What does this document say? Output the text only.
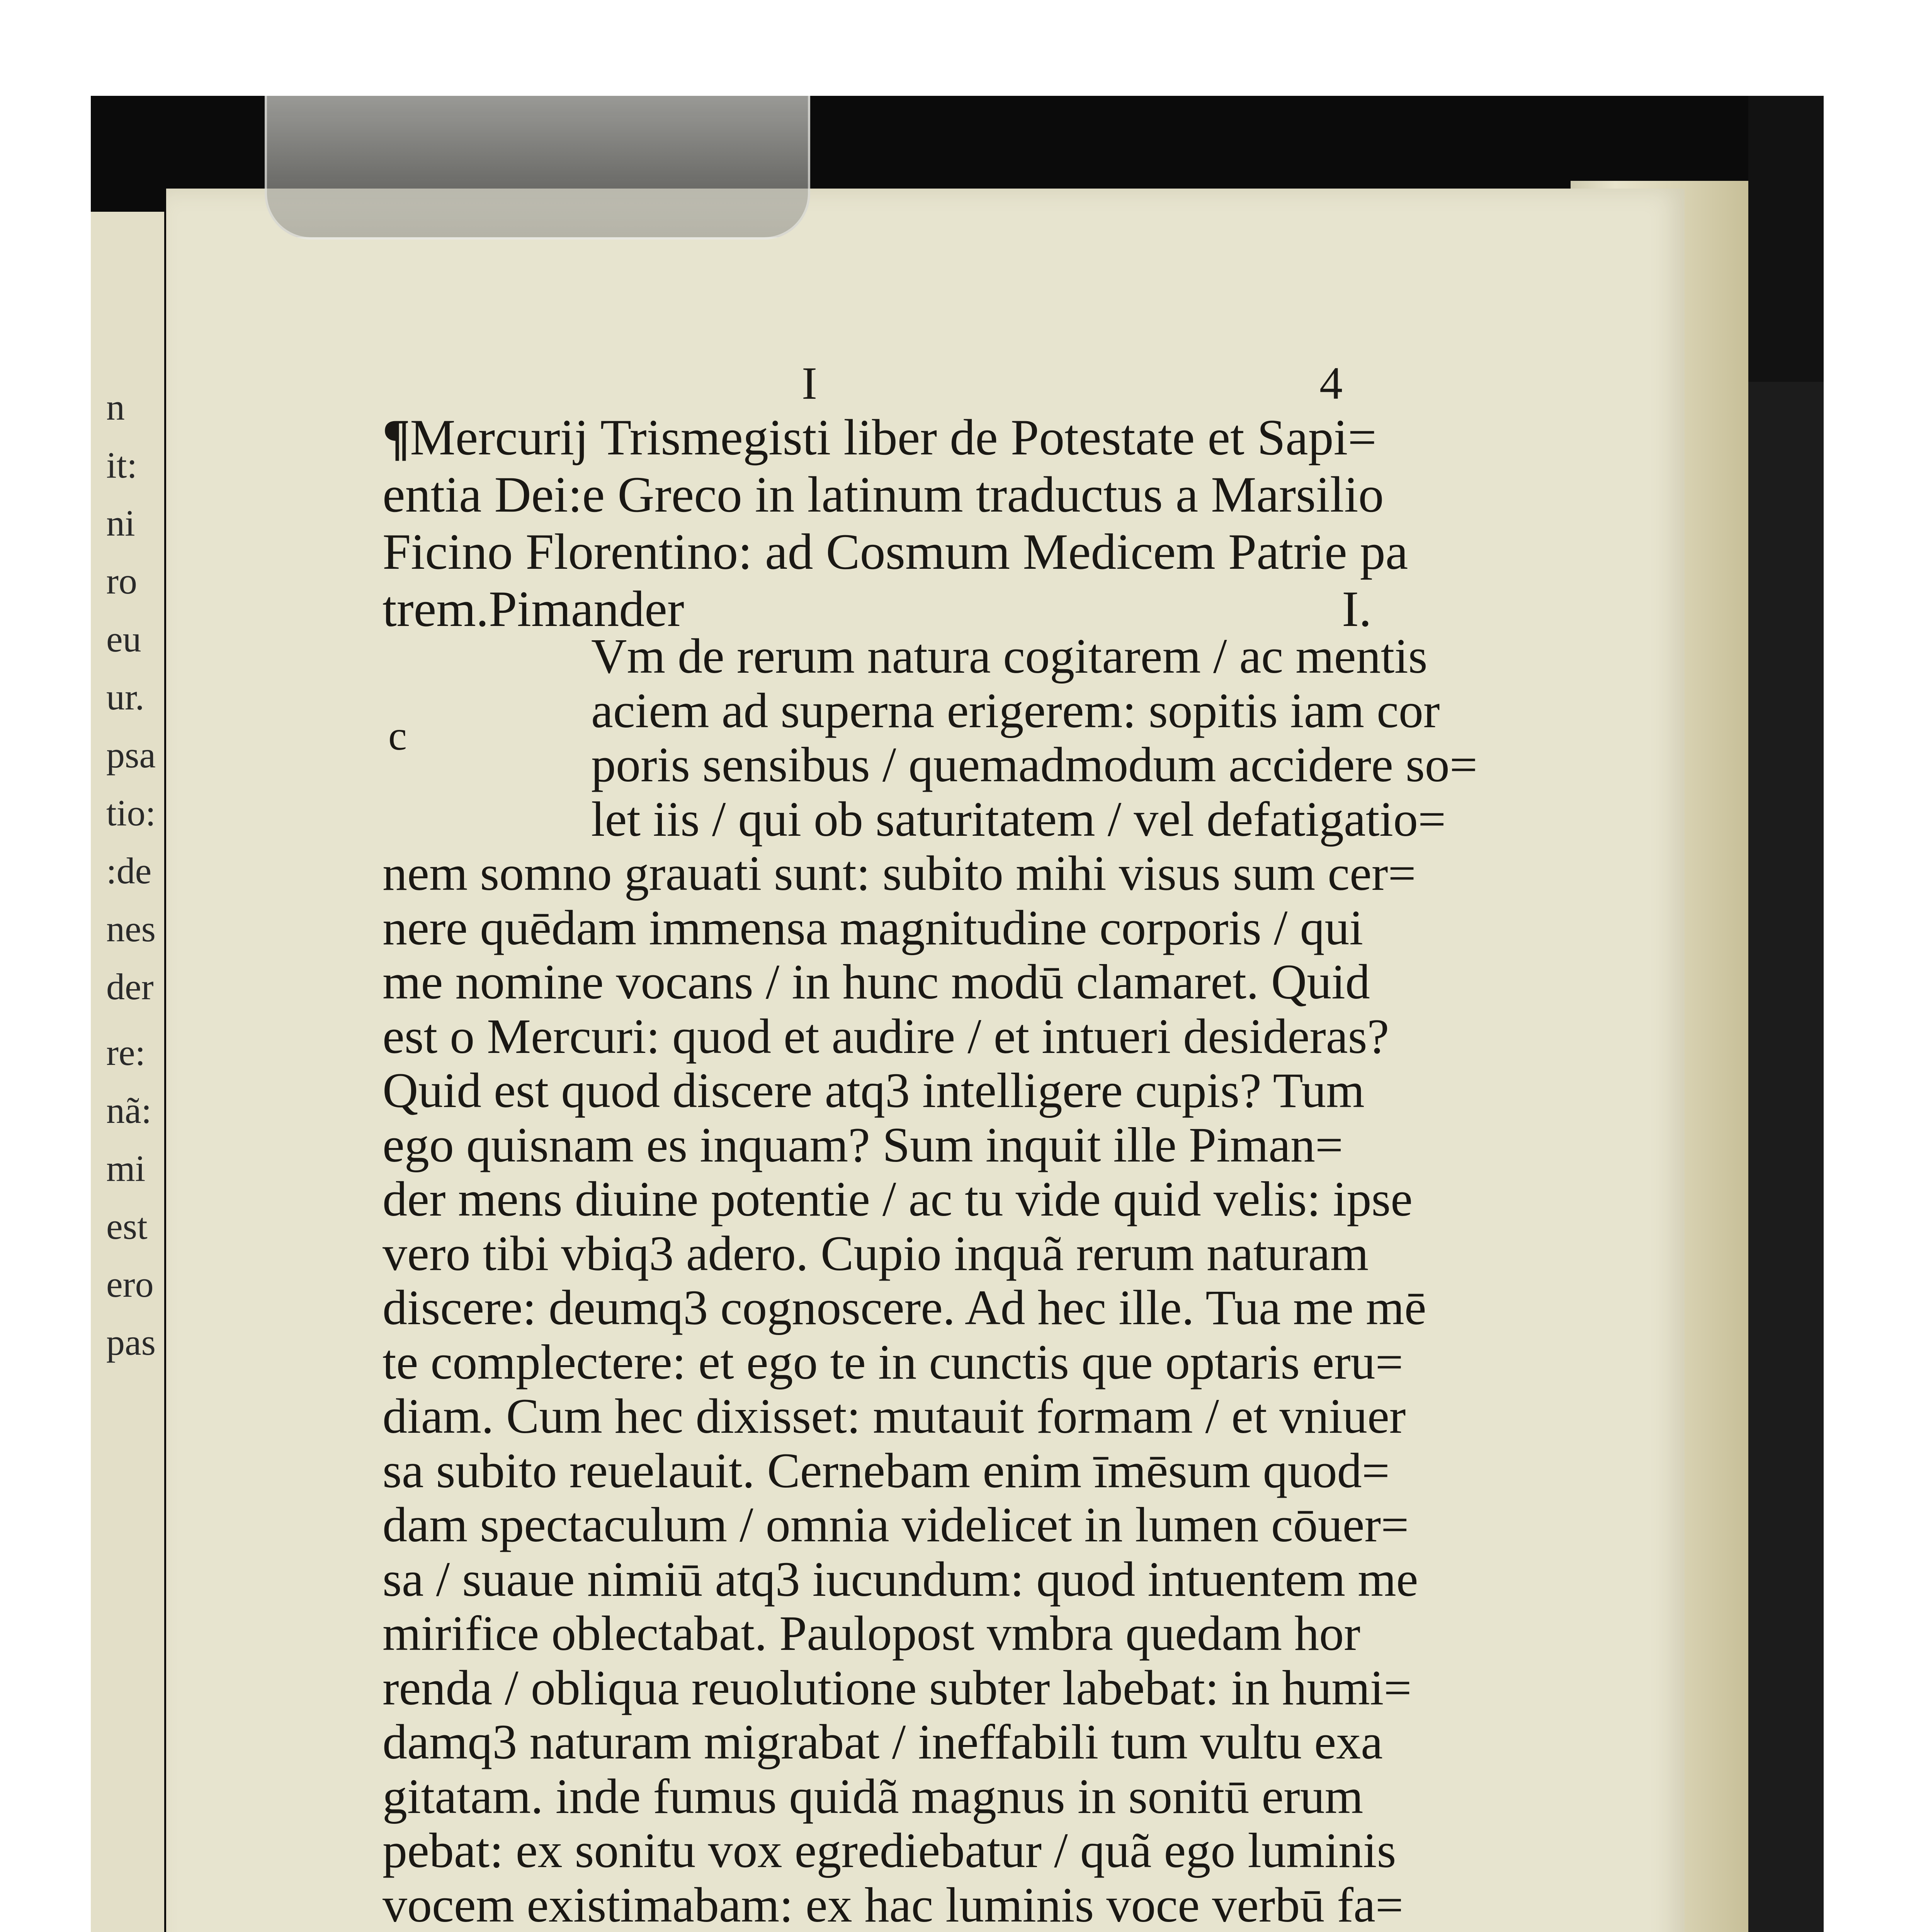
n
it:
ni
ro
eu
ur.
psa
tio:
:de
nes
der
re:
nã:
mi
est
ero
pas
I	4
¶Mercurij Trismegisti liber de Potestate et Sapi=
entia Dei:e Greco in latinum traductus a Marsilio
Ficino Florentino: ad Cosmum Medicem Patrie pa
trem.Pimander	I.
c
Vm de rerum natura cogitarem / ac mentis
aciem ad superna erigerem: sopitis iam cor
poris sensibus / quemadmodum accidere so=
let iis / qui ob saturitatem / vel defatigatio=
nem somno grauati sunt: subito mihi visus sum cer=
nere quēdam immensa magnitudine corporis / qui
me nomine vocans / in hunc modū clamaret. Quid
est o Mercuri: quod et audire / et intueri desideras?
Quid est quod discere atq3 intelligere cupis? Tum
ego quisnam es inquam? Sum inquit ille Piman=
der mens diuine potentie / ac tu vide quid velis: ipse
vero tibi vbiq3 adero. Cupio inquã rerum naturam
discere: deumq3 cognoscere. Ad hec ille. Tua me mē
te complectere: et ego te in cunctis que optaris eru=
diam. Cum hec dixisset: mutauit formam / et vniuer
sa subito reuelauit. Cernebam enim īmēsum quod=
dam spectaculum / omnia videlicet in lumen cōuer=
sa / suaue nimiū atq3 iucundum: quod intuentem me
mirifice oblectabat. Paulopost vmbra quedam hor
renda / obliqua reuolutione subter labebat: in humi=
damq3 naturam migrabat / ineffabili tum vultu exa
gitatam. inde fumus quidã magnus in sonitū erum
pebat: ex sonitu vox egrediebatur / quã ego luminis
vocem existimabam: ex hac luminis voce verbū fa=
